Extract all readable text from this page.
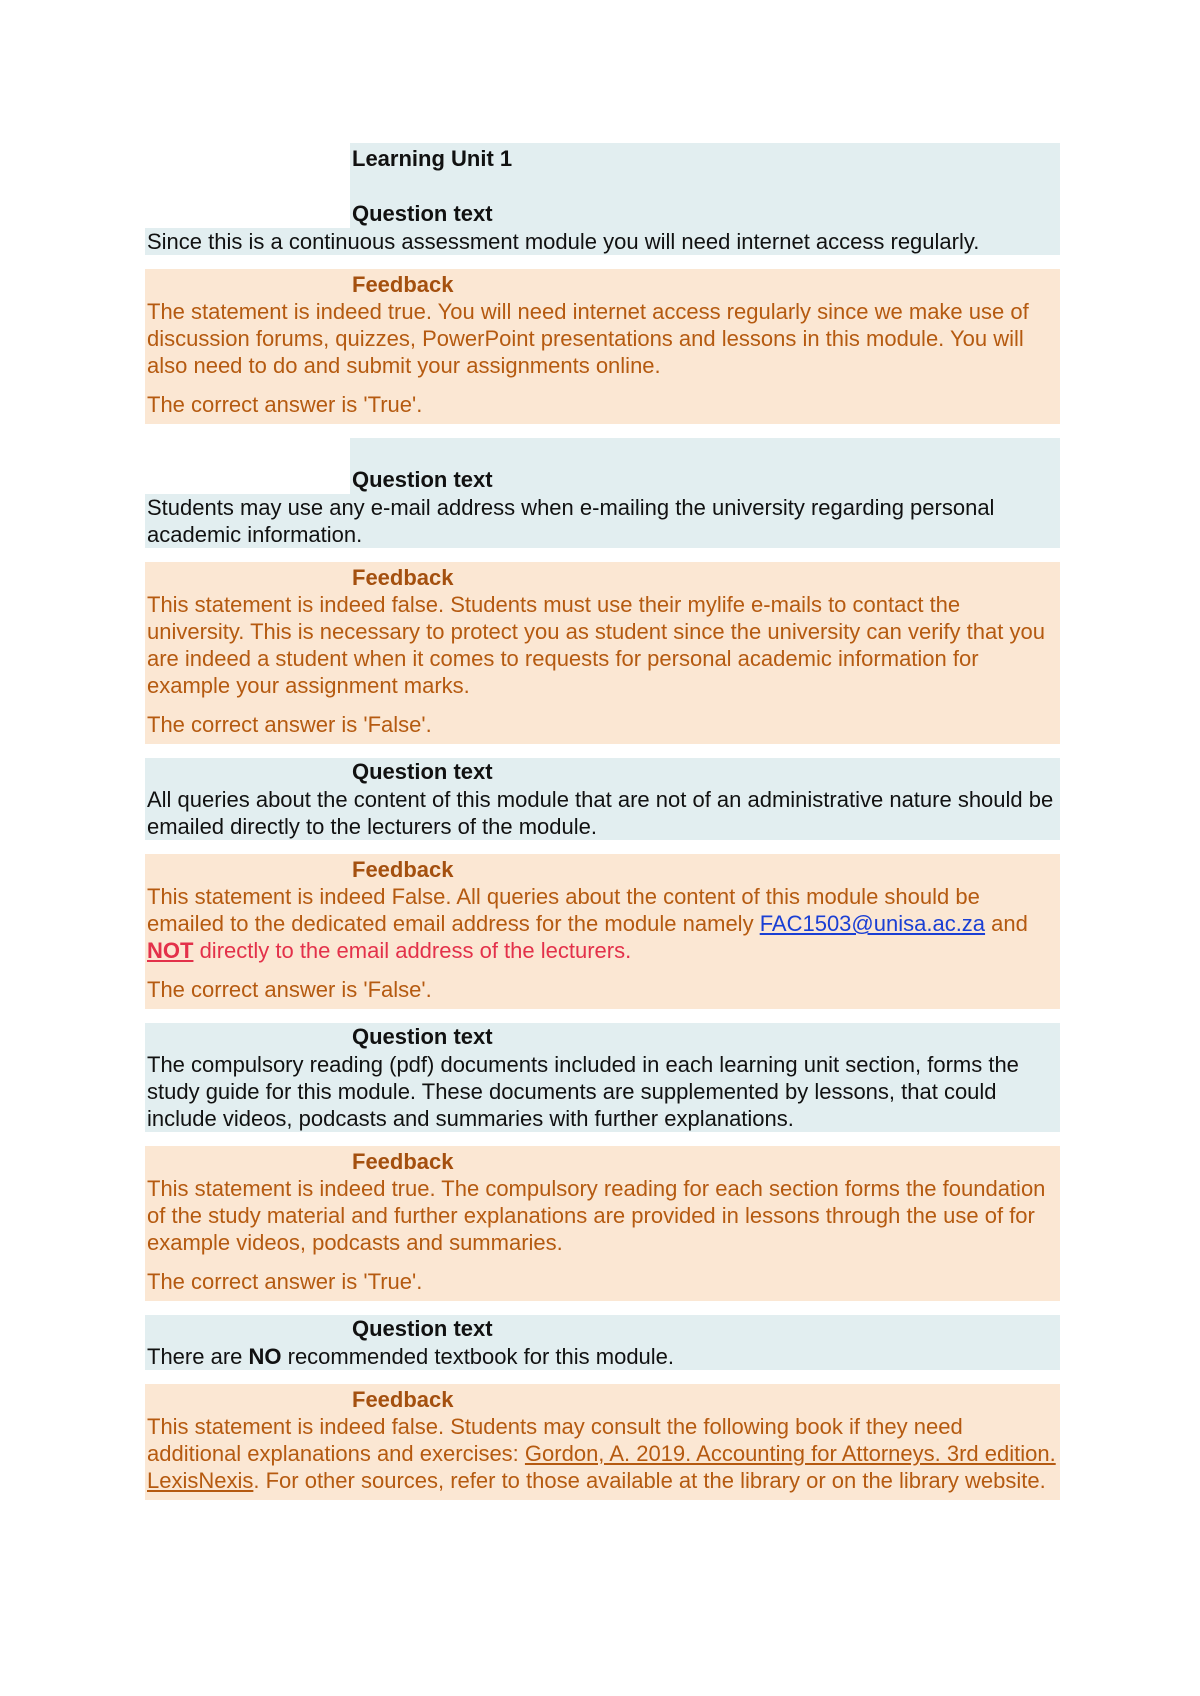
Learning Unit 1
Question text
Since this is a continuous assessment module you will need internet access regularly.
Feedback
The statement is indeed true. You will need internet access regularly since we make use of discussion forums, quizzes, PowerPoint presentations and lessons in this module. You will also need to do and submit your assignments online.
The correct answer is 'True'.
Question text
Students may use any e-mail address when e-mailing the university regarding personal academic information.
Feedback
This statement is indeed false. Students must use their mylife e-mails to contact the university. This is necessary to protect you as student since the university can verify that you are indeed a student when it comes to requests for personal academic information for example your assignment marks.
The correct answer is 'False'.
Question text
All queries about the content of this module that are not of an administrative nature should be emailed directly to the lecturers of the module.
Feedback
This statement is indeed False. All queries about the content of this module should be emailed to the dedicated email address for the module namely FAC1503@unisa.ac.za and NOT directly to the email address of the lecturers.
The correct answer is 'False'.
Question text
The compulsory reading (pdf) documents included in each learning unit section, forms the study guide for this module. These documents are supplemented by lessons, that could include videos, podcasts and summaries with further explanations.
Feedback
This statement is indeed true. The compulsory reading for each section forms the foundation of the study material and further explanations are provided in lessons through the use of for example videos, podcasts and summaries.
The correct answer is 'True'.
Question text
There are NO recommended textbook for this module.
Feedback
This statement is indeed false. Students may consult the following book if they need additional explanations and exercises: Gordon, A. 2019. Accounting for Attorneys. 3rd edition. LexisNexis. For other sources, refer to those available at the library or on the library website.
